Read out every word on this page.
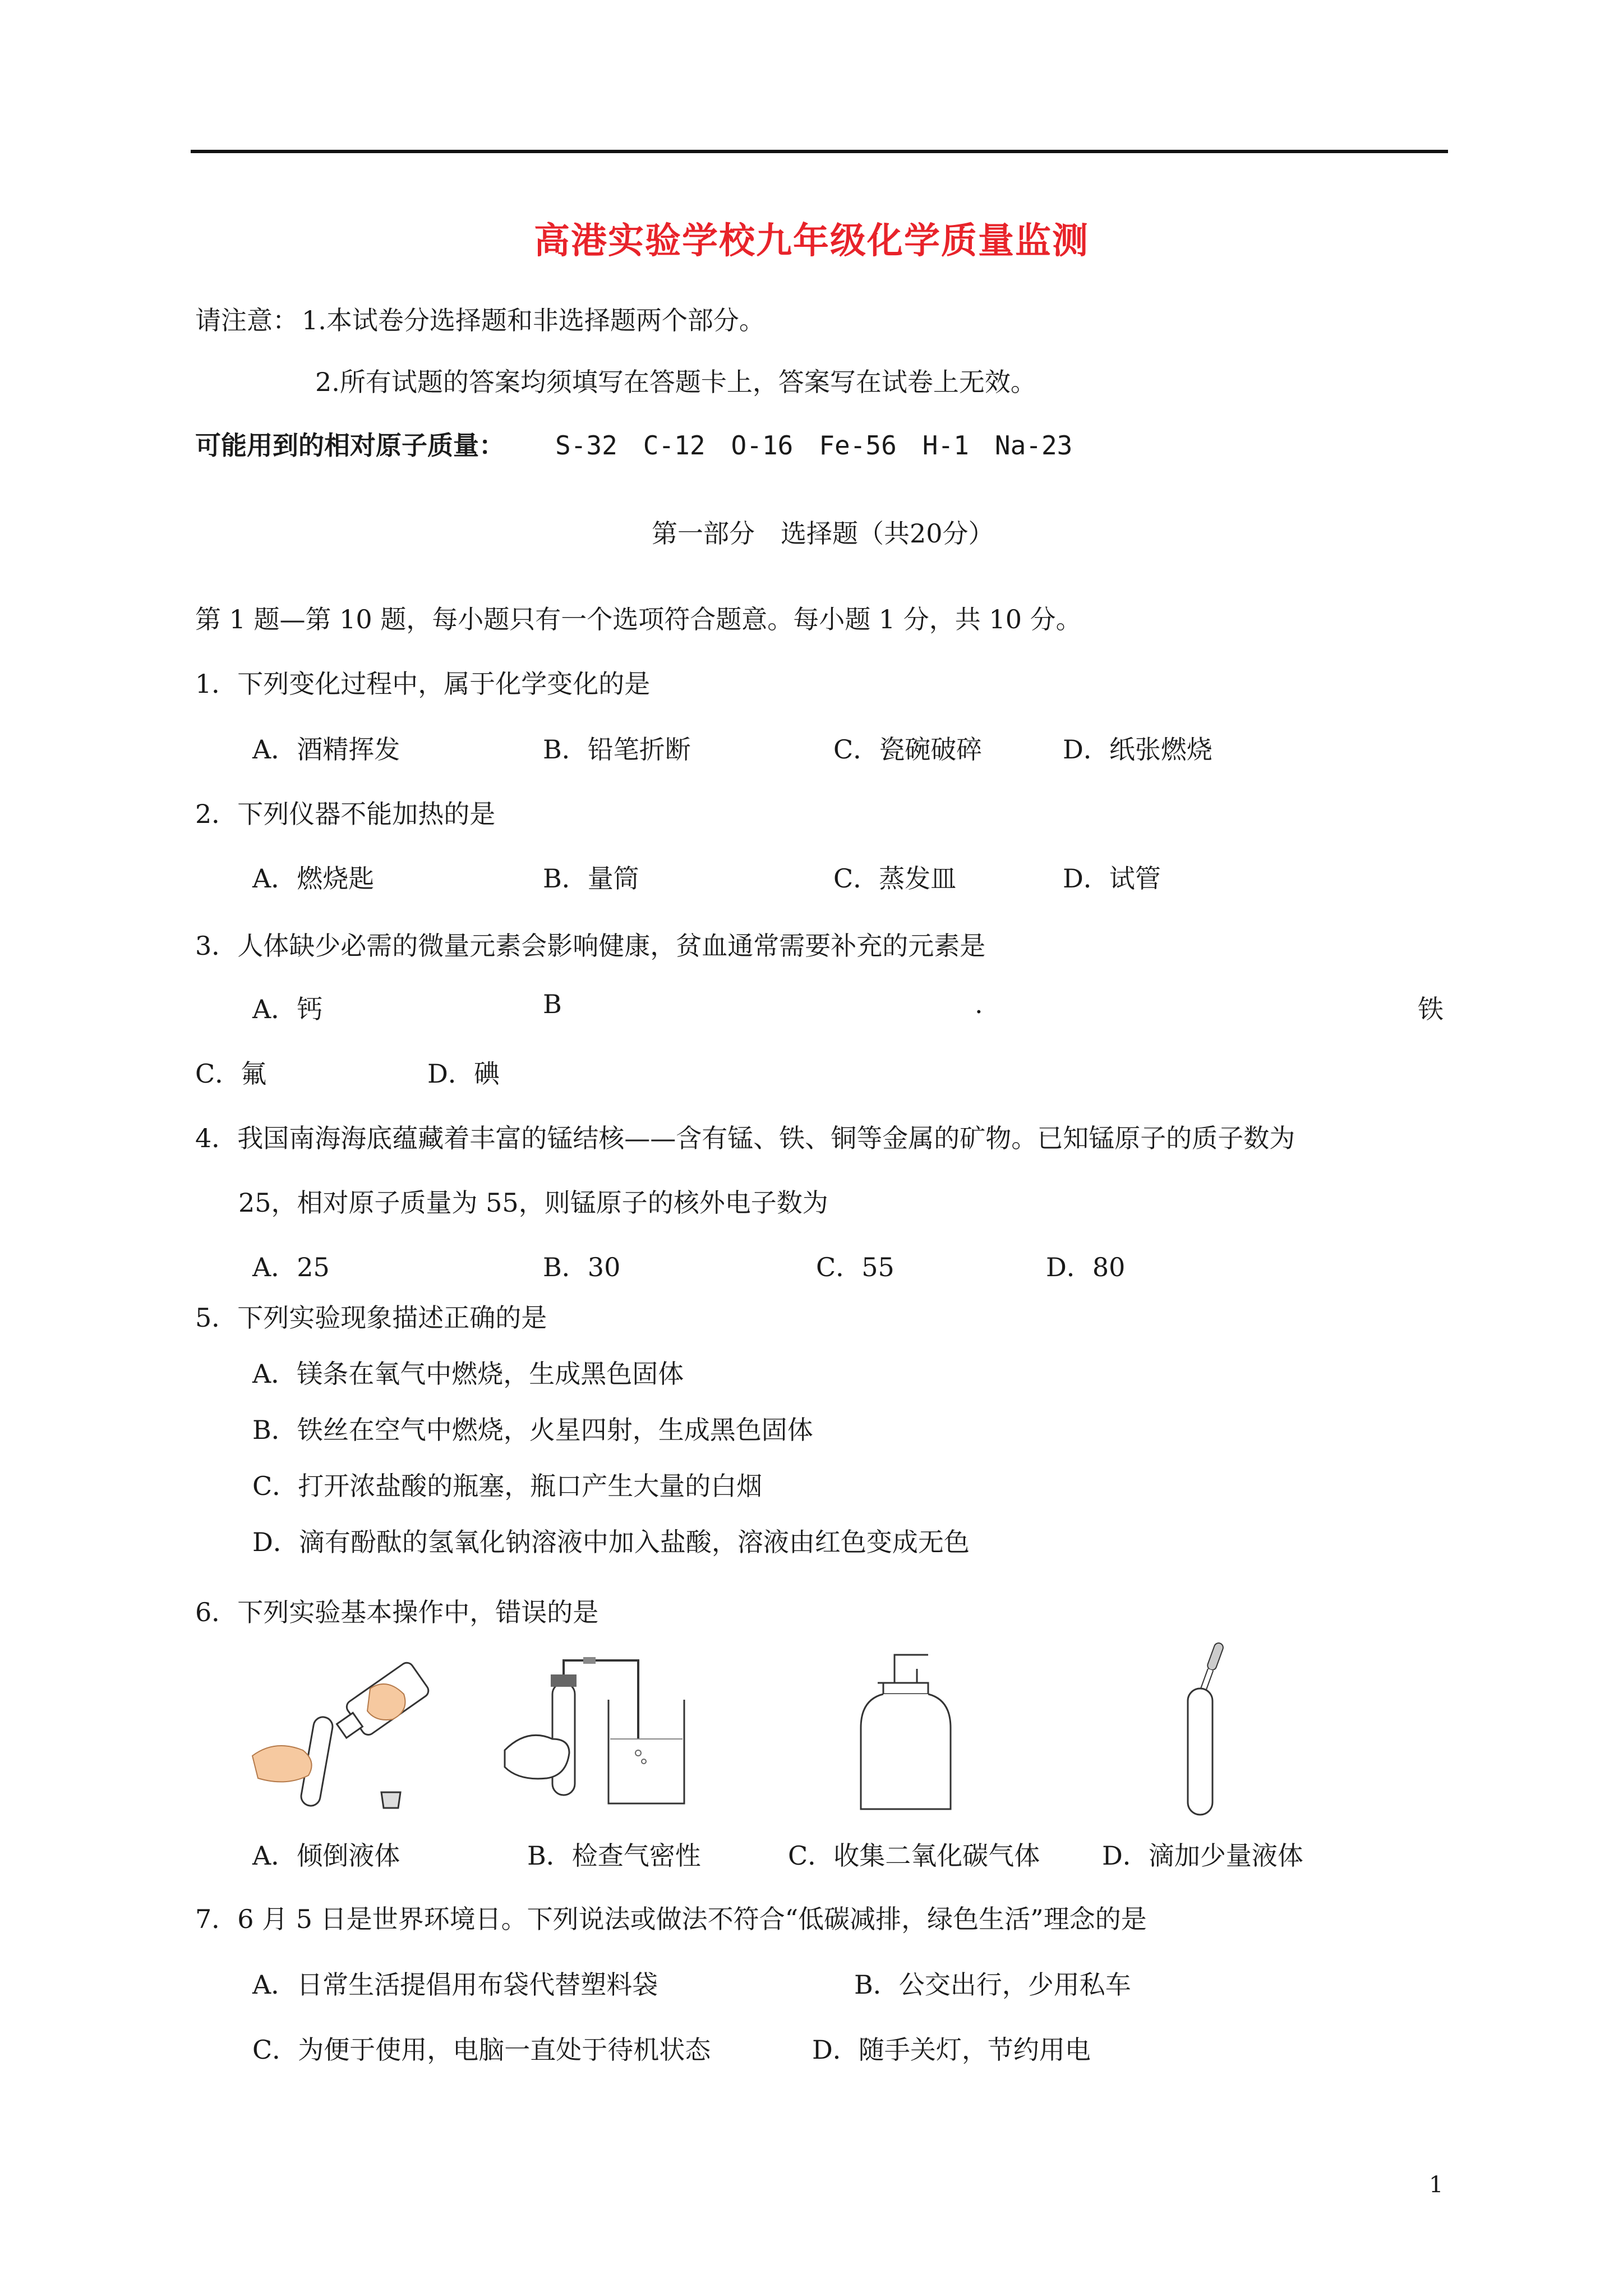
高港实验学校九年级化学质量监测
请注意： 1.本试卷分选择题和非选择题两个部分。
2.所有试题的答案均须填写在答题卡上，答案写在试卷上无效。
可能用到的相对原子质量： S-32　C-12　O-16　Fe-56　H-1　Na-23
第一部分　选择题（共20分）
第 1 题—第 10 题，每小题只有一个选项符合题意。每小题 1 分，共 10 分。
1．下列变化过程中，属于化学变化的是
A．酒精挥发	B．铅笔折断	C．瓷碗破碎	D．纸张燃烧
2．下列仪器不能加热的是
A．燃烧匙	B．量筒	C．蒸发皿	D．试管
3．人体缺少必需的微量元素会影响健康，贫血通常需要补充的元素是
A．钙	B	.	铁
C．氟	D．碘
4．我国南海海底蕴藏着丰富的锰结核——含有锰、铁、铜等金属的矿物。已知锰原子的质子数为
25，相对原子质量为 55，则锰原子的核外电子数为
A．25	B．30	C．55	D．80
5．下列实验现象描述正确的是
A．镁条在氧气中燃烧，生成黑色固体
B．铁丝在空气中燃烧，火星四射，生成黑色固体
C．打开浓盐酸的瓶塞，瓶口产生大量的白烟
D．滴有酚酞的氢氧化钠溶液中加入盐酸，溶液由红色变成无色
6．下列实验基本操作中，错误的是
A．倾倒液体	B．检查气密性	C．收集二氧化碳气体 D．滴加少量液体
7．6 月 5 日是世界环境日。下列说法或做法不符合“低碳减排，绿色生活”理念的是
A．日常生活提倡用布袋代替塑料袋	B．公交出行，少用私车
C．为便于使用，电脑一直处于待机状态	D．随手关灯，节约用电
1
